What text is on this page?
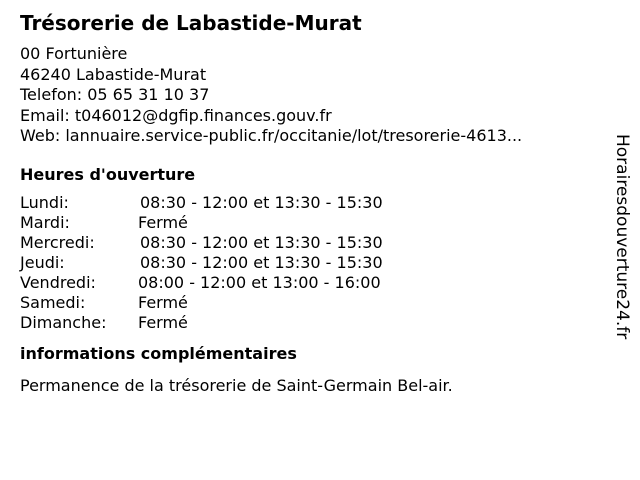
Trésorerie de Labastide-Murat
00 Fortunière
46240 Labastide-Murat
Telefon: 05 65 31 10 37
Email: t046012@dgfip.finances.gouv.fr
Web: lannuaire.service-public.fr/occitanie/lot/tresorerie-4613...
Heures d'ouverture
Lundi:	08:30 - 12:00 et 13:30 - 15:30
Mardi:	Fermé
Mercredi:	08:30 - 12:00 et 13:30 - 15:30
Jeudi:	08:30 - 12:00 et 13:30 - 15:30
Vendredi:	08:00 - 12:00 et 13:00 - 16:00
Samedi:	Fermé
Dimanche: Fermé
informations complémentaires
Permanence de la trésorerie de Saint-Germain Bel-air.
Horairesdouverture24.fr
